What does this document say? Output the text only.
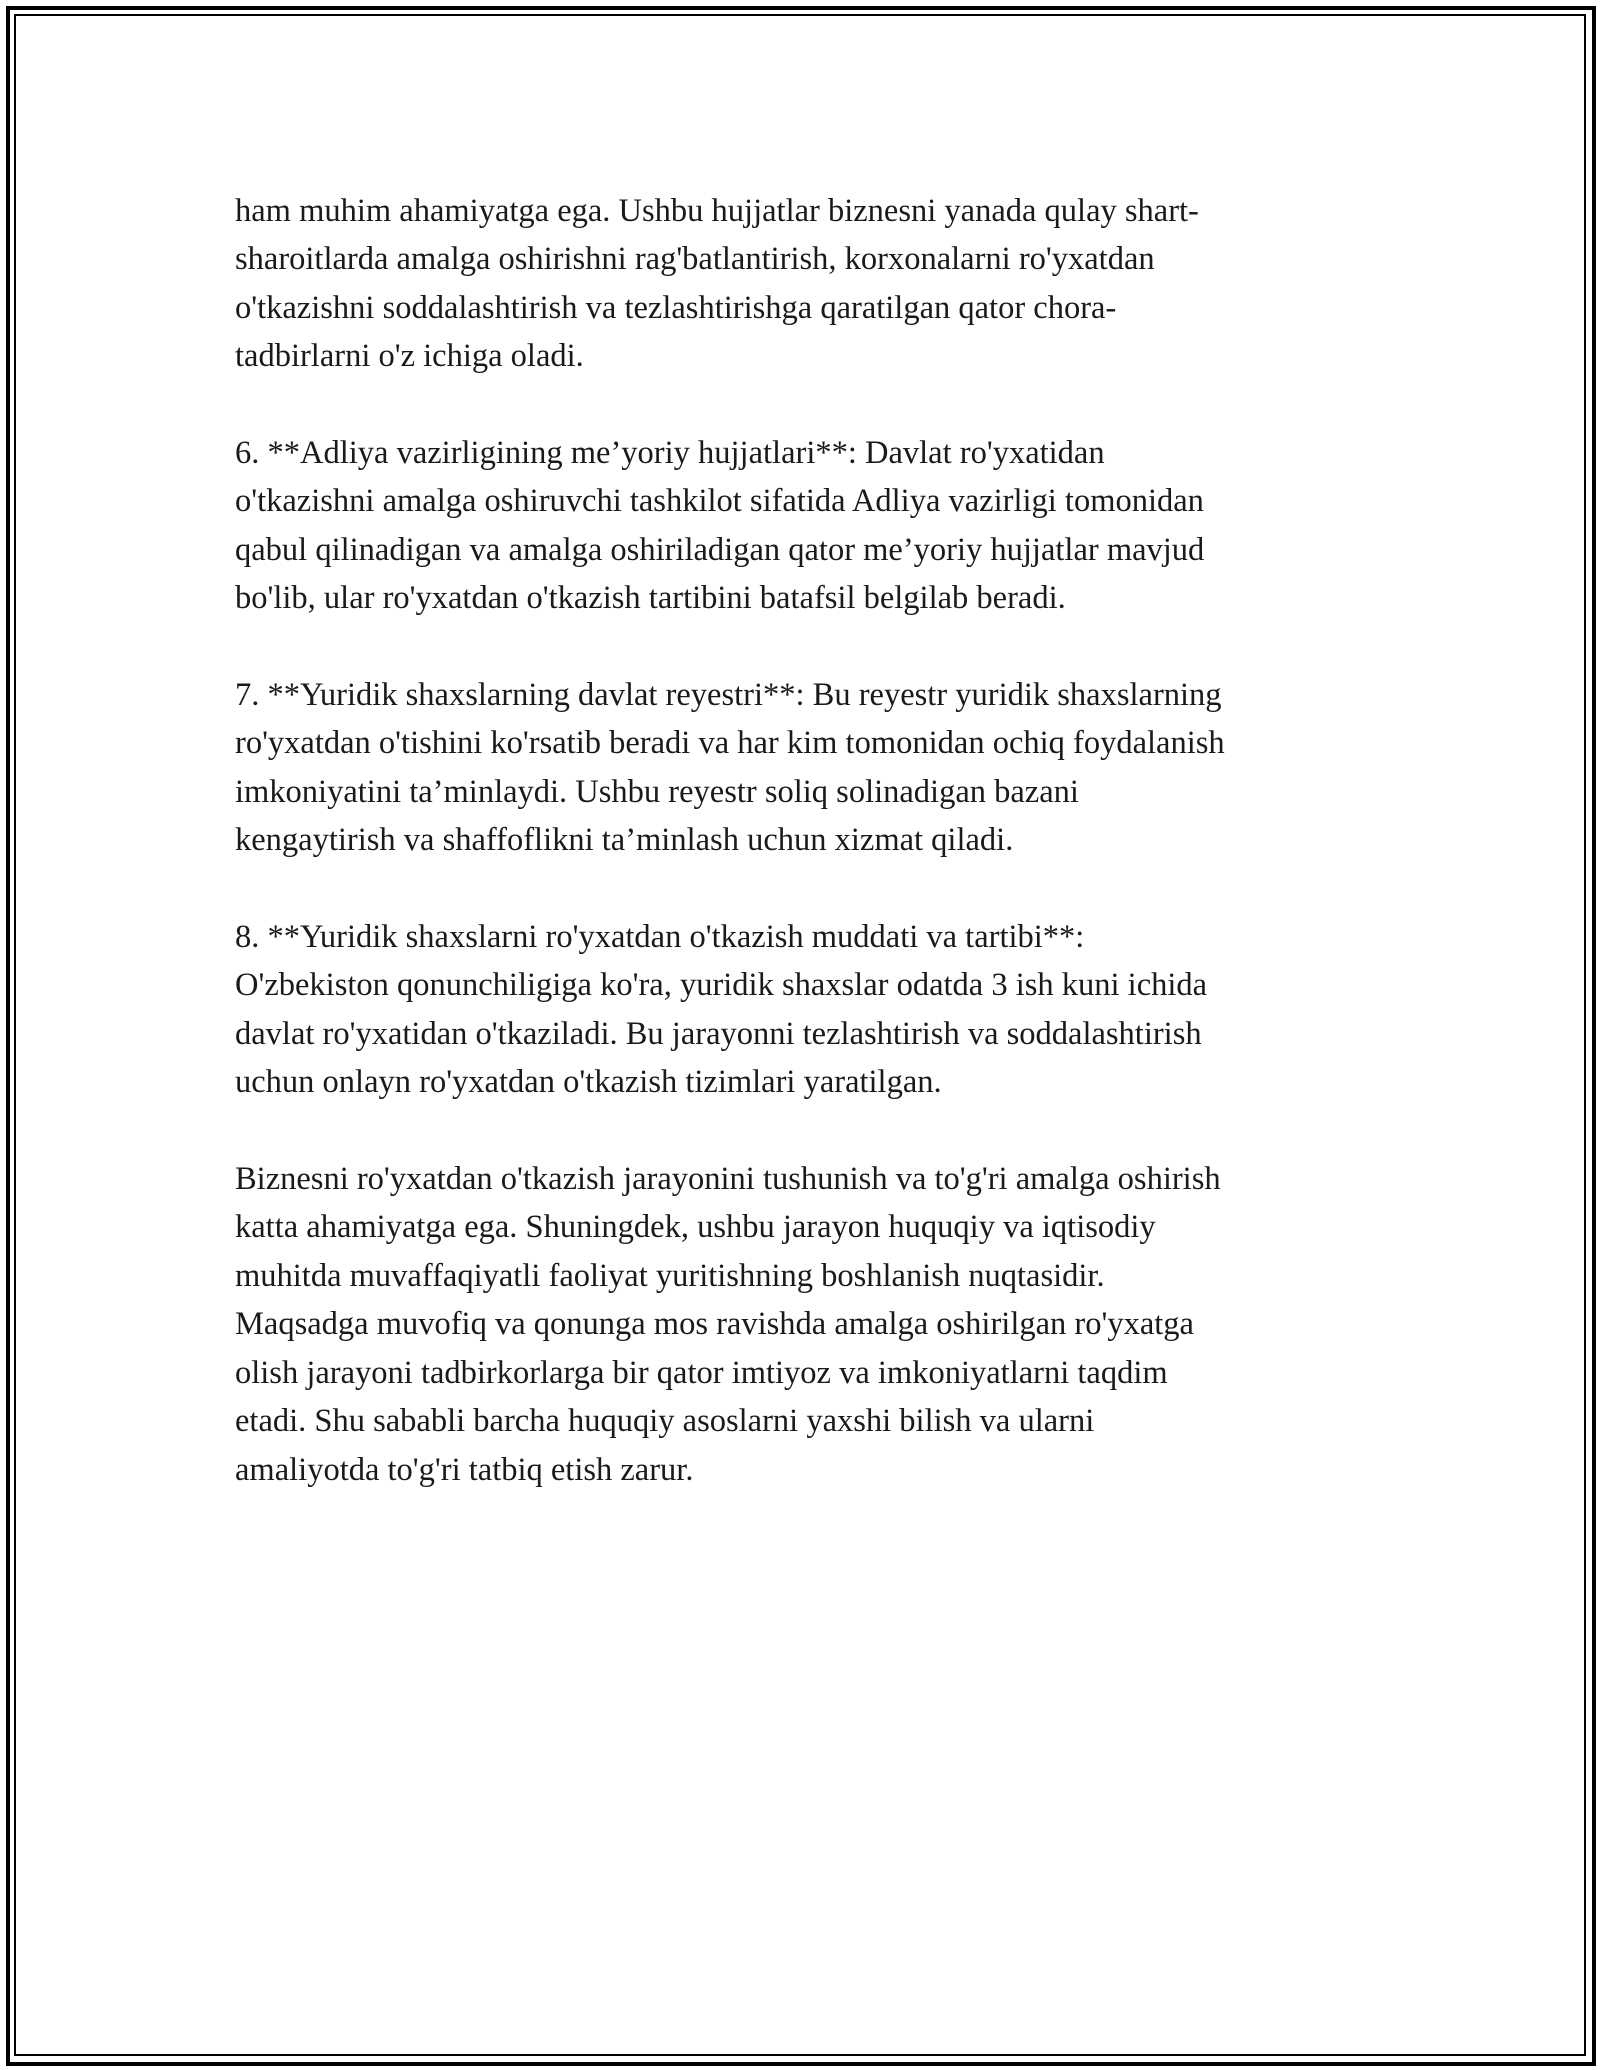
ham muhim ahamiyatga ega. Ushbu hujjatlar biznesni yanada qulay shart-
sharoitlarda amalga oshirishni rag'batlantirish, korxonalarni ro'yxatdan
o'tkazishni soddalashtirish va tezlashtirishga qaratilgan qator chora-
tadbirlarni o'z ichiga oladi.

6. **Adliya vazirligining me’yoriy hujjatlari**: Davlat ro'yxatidan
o'tkazishni amalga oshiruvchi tashkilot sifatida Adliya vazirligi tomonidan
qabul qilinadigan va amalga oshiriladigan qator me’yoriy hujjatlar mavjud
bo'lib, ular ro'yxatdan o'tkazish tartibini batafsil belgilab beradi.

7. **Yuridik shaxslarning davlat reyestri**: Bu reyestr yuridik shaxslarning
ro'yxatdan o'tishini ko'rsatib beradi va har kim tomonidan ochiq foydalanish
imkoniyatini ta’minlaydi. Ushbu reyestr soliq solinadigan bazani
kengaytirish va shaffoflikni ta’minlash uchun xizmat qiladi.

8. **Yuridik shaxslarni ro'yxatdan o'tkazish muddati va tartibi**:
O'zbekiston qonunchiligiga ko'ra, yuridik shaxslar odatda 3 ish kuni ichida
davlat ro'yxatidan o'tkaziladi. Bu jarayonni tezlashtirish va soddalashtirish
uchun onlayn ro'yxatdan o'tkazish tizimlari yaratilgan.

Biznesni ro'yxatdan o'tkazish jarayonini tushunish va to'g'ri amalga oshirish
katta ahamiyatga ega. Shuningdek, ushbu jarayon huquqiy va iqtisodiy
muhitda muvaffaqiyatli faoliyat yuritishning boshlanish nuqtasidir.
Maqsadga muvofiq va qonunga mos ravishda amalga oshirilgan ro'yxatga
olish jarayoni tadbirkorlarga bir qator imtiyoz va imkoniyatlarni taqdim
etadi. Shu sababli barcha huquqiy asoslarni yaxshi bilish va ularni
amaliyotda to'g'ri tatbiq etish zarur.
